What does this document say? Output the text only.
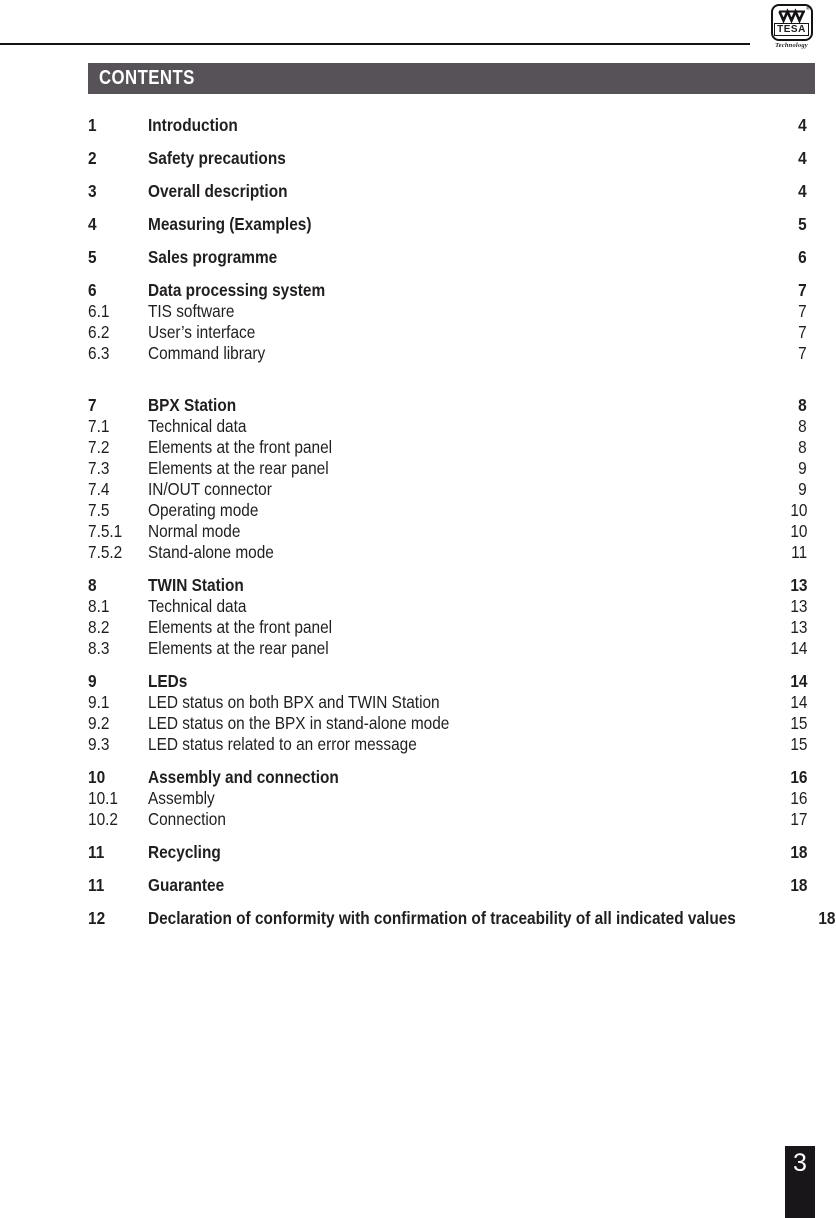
®
TESA
Technology
CONTENTS
1	Introduction	4
2	Safety precautions	4
3	Overall description	4
4	Measuring (Examples)	5
5	Sales programme	6
6	Data processing system	7
6.1	TIS software	7
6.2	User’s interface	7
6.3	Command library	7
7	BPX Station	8
7.1	Technical data	8
7.2	Elements at the front panel	8
7.3	Elements at the rear panel	9
7.4	IN/OUT connector	9
7.5	Operating mode	10
7.5.1	Normal mode	10
7.5.2	Stand-alone mode	11
8	TWIN Station	13
8.1	Technical data	13
8.2	Elements at the front panel	13
8.3	Elements at the rear panel	14
9	LEDs	14
9.1	LED status on both BPX and TWIN Station	14
9.2	LED status on the BPX in stand-alone mode	15
9.3	LED status related to an error message	15
10	Assembly and connection	16
10.1	Assembly	16
10.2	Connection	17
11	Recycling	18
11	Guarantee	18
12	Declaration of conformity with confirmation of traceability of all indicated values	18
3
